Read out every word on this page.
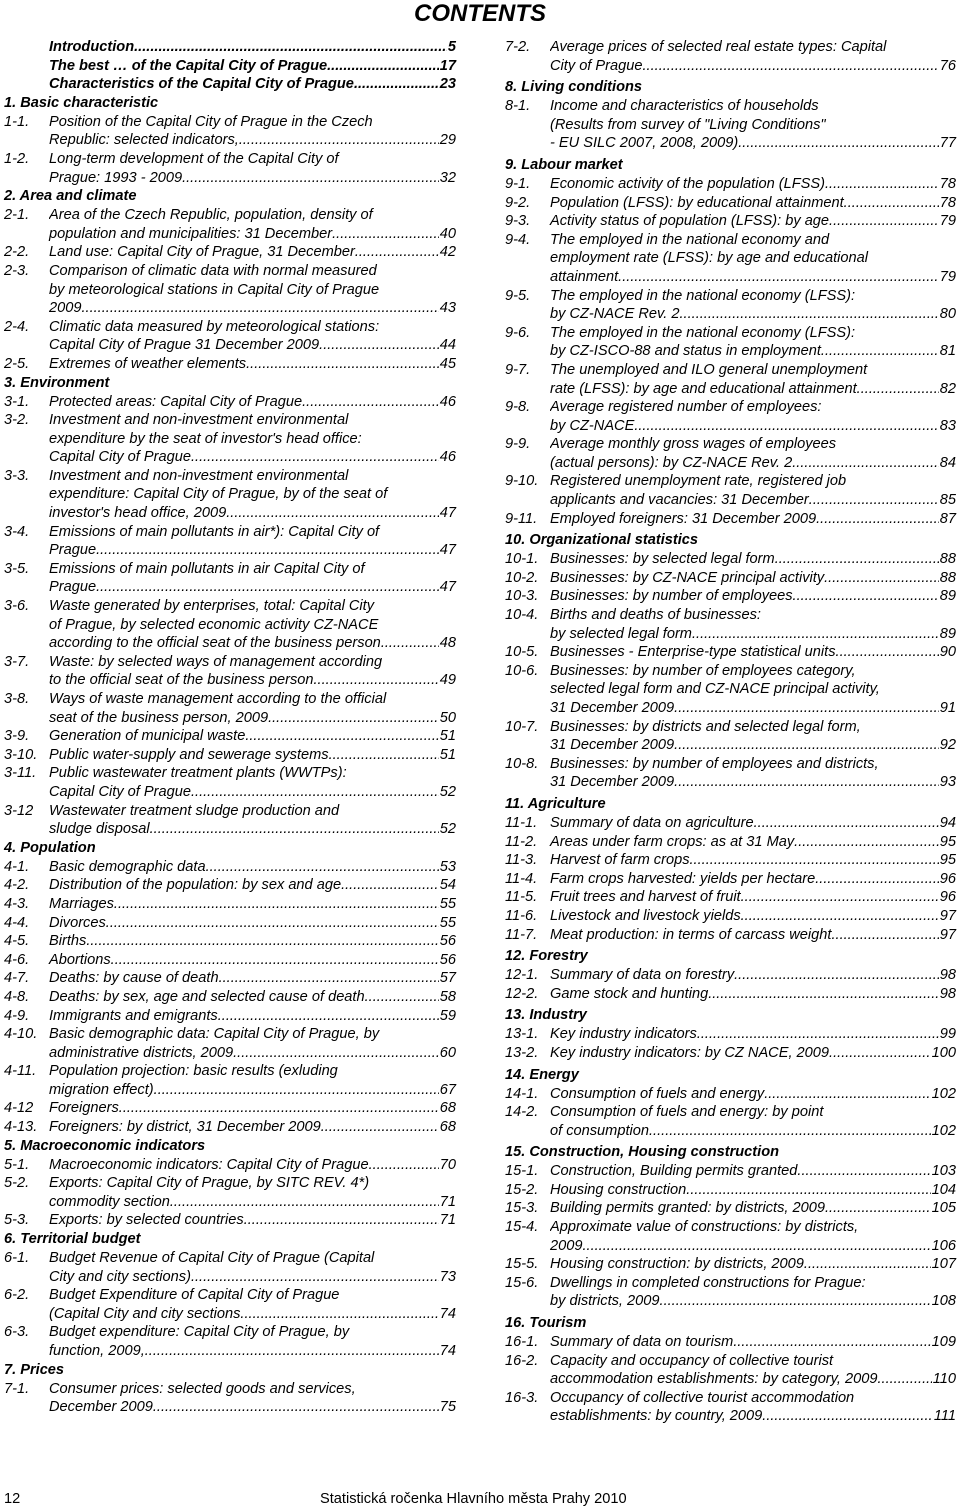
CONTENTS
Introduction .....	5
The best … of the Capital City of Prague .....	17
Characteristics of the Capital City of Prague .....	23
1. Basic characteristic
1-1.	Position of the Capital City of Prague in the Czech
Republic: selected indicators, .....	29
1-2.	Long-term development of the Capital City of
Prague: 1993 - 2009 .....	32
2. Area and climate
2-1.	Area of the Czech Republic, population, density of
population and municipalities: 31 December .....	40
2-2.	Land use: Capital City of Prague, 31 December .....	42
2-3.	Comparison of climatic data with normal measured
by meteorological stations in Capital City of Prague
2009 .....	43
2-4.	Climatic data measured by meteorological stations:
Capital City of Prague 31 December 2009 .....	44
2-5.	Extremes of weather elements .....	45
3. Environment
3-1.	Protected areas: Capital City of Prague .....	46
3-2.	Investment and non-investment environmental
expenditure by the seat of investor's head office:
Capital City of Prague .....	46
3-3.	Investment and non-investment environmental
expenditure: Capital City of Prague, by of the seat of
investor's head office, 2009 .....	47
3-4.	Emissions of main pollutants in air*): Capital City of
Prague .....	47
3-5.	Emissions of main pollutants in air Capital City of
Prague .....	47
3-6.	Waste generated by enterprises, total: Capital City
of Prague, by selected economic activity CZ-NACE
according to the official seat of the business person .....	48
3-7.	Waste: by selected ways of management according
to the official seat of the business person .....	49
3-8.	Ways of waste management according to the official
seat of the business person, 2009 .....	50
3-9.	Generation of municipal waste .....	51
3-10. Public water-supply and sewerage systems .....	51
3-11. Public wastewater treatment plants (WWTPs):
Capital City of Prague .....	52
3-12	Wastewater treatment sludge production and
sludge disposal .....	52
4. Population
4-1.	Basic demographic data .....	53
4-2.	Distribution of the population: by sex and age .....	54
4-3.	Marriages .....	55
4-4.	Divorces .....	55
4-5.	Births .....	56
4-6.	Abortions .....	56
4-7.	Deaths: by cause of death .....	57
4-8.	Deaths: by sex, age and selected cause of death .....	58
4-9.	Immigrants and emigrants .....	59
4-10. Basic demographic data: Capital City of Prague, by
administrative districts, 2009 .....	60
4-11. Population projection: basic results (exluding
migration effect) .....	67
4-12	Foreigners .....	68
4-13. Foreigners: by district, 31 December 2009 .....	68
5. Macroeconomic indicators
5-1.	Macroeconomic indicators: Capital City of Prague .....	70
5-2.	Exports: Capital City of Prague, by SITC REV. 4*)
commodity section .....	71
5-3.	Exports: by selected countries .....	71
6. Territorial budget
6-1.	Budget Revenue of Capital City of Prague (Capital
City and city sections) .....	73
6-2.	Budget Expenditure of Capital City of Prague
(Capital City and city sections .....	74
6-3.	Budget expenditure: Capital City of Prague, by
function, 2009, .....	74
7. Prices
7-1.	Consumer prices: selected goods and services,
December 2009 .....	75
7-2.	Average prices of selected real estate types: Capital
City of Prague .....	76
8. Living conditions
8-1.	Income and characteristics of households
(Results from survey of "Living Conditions"
- EU SILC 2007, 2008, 2009) .....	77
9. Labour market
9-1.	Economic activity of the population (LFSS) .....	78
9-2.	Population (LFSS): by educational attainment .....	78
9-3.	Activity status of population (LFSS): by age .....	79
9-4.	The employed in the national economy and
employment rate (LFSS): by age and educational
attainment .....	79
9-5.	The employed in the national economy (LFSS):
by CZ-NACE Rev. 2 .....	80
9-6.	The employed in the national economy (LFSS):
by CZ-ISCO-88 and status in employment .....	81
9-7.	The unemployed and ILO general unemployment
rate (LFSS): by age and educational attainment .....	82
9-8.	Average registered number of employees:
by CZ-NACE .....	83
9-9.	Average monthly gross wages of employees
(actual persons): by CZ-NACE Rev. 2. .....	84
9-10. Registered unemployment rate, registered job
applicants and vacancies: 31 December .....	85
9-11. Employed foreigners: 31 December 2009 .....	87
10. Organizational statistics
10-1. Businesses: by selected legal form .....	88
10-2. Businesses: by CZ-NACE principal activity .....	88
10-3. Businesses: by number of employees .....	89
10-4. Births and deaths of businesses:
by selected legal form .....	89
10-5. Businesses - Enterprise-type statistical units .....	90
10-6. Businesses: by number of employees category,
selected legal form and CZ-NACE principal activity,
31 December 2009 .....	91
10-7. Businesses: by districts and selected legal form,
31 December 2009 .....	92
10-8. Businesses: by number of employees and districts,
31 December 2009 .....	93
11. Agriculture
11-1. Summary of data on agriculture .....	94
11-2. Areas under farm crops: as at 31 May .....	95
11-3. Harvest of farm crops .....	95
11-4. Farm crops harvested: yields per hectare .....	96
11-5. Fruit trees and harvest of fruit .....	96
11-6. Livestock and livestock yields .....	97
11-7. Meat production: in terms of carcass weight .....	97
12. Forestry
12-1. Summary of data on forestry .....	98
12-2. Game stock and hunting .....	98
13. Industry
13-1. Key industry indicators .....	99
13-2. Key industry indicators: by CZ NACE, 2009 .....	100
14. Energy
14-1. Consumption of fuels and energy .....	102
14-2. Consumption of fuels and energy: by point
of consumption .....	102
15. Construction, Housing construction
15-1. Construction, Building permits granted .....	103
15-2. Housing construction .....	104
15-3. Building permits granted: by districts, 2009 .....	105
15-4. Approximate value of constructions: by districts,
2009 .....	106
15-5. Housing construction: by districts, 2009 .....	107
15-6. Dwellings in completed constructions for Prague:
by districts, 2009. .....	108
16. Tourism
16-1. Summary of data on tourism .....	109
16-2. Capacity and occupancy of collective tourist
accommodation establishments: by category, 2009 .....	110
16-3. Occupancy of collective tourist accommodation
establishments: by country, 2009 .....	111
12	Statistická ročenka Hlavního města Prahy 2010
